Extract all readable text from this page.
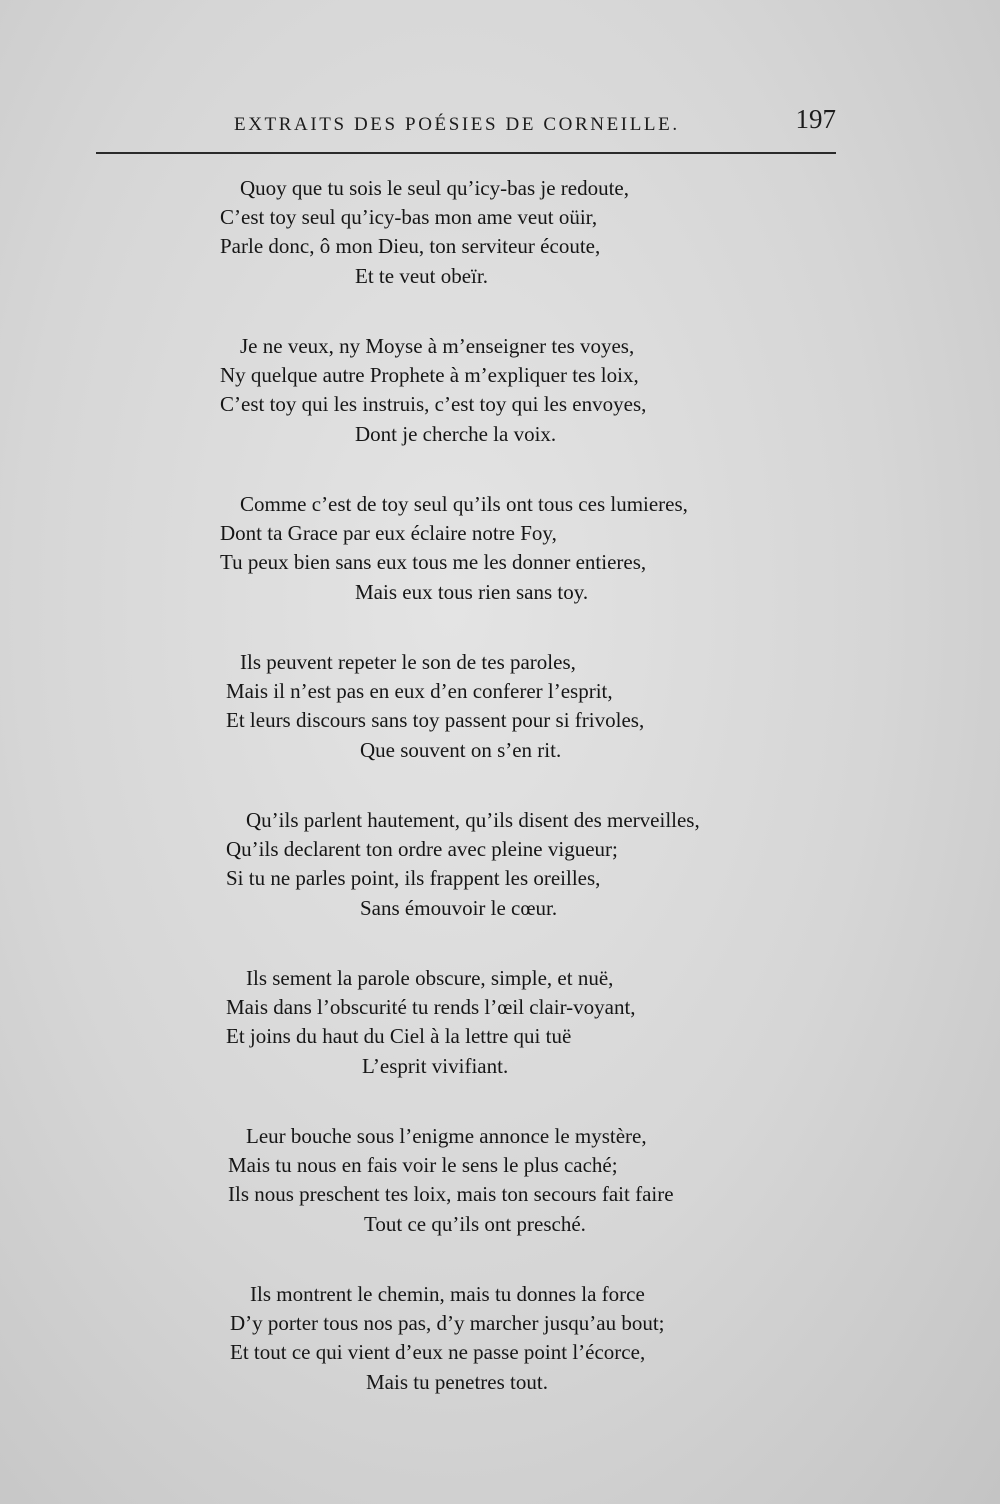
EXTRAITS DES POÉSIES DE CORNEILLE.	197
Quoy que tu sois le seul qu’icy-bas je redoute,
C’est toy seul qu’icy-bas mon ame veut oüir,
Parle donc, ô mon Dieu, ton serviteur écoute,
Et te veut obeïr.
Je ne veux, ny Moyse à m’enseigner tes voyes,
Ny quelque autre Prophete à m’expliquer tes loix,
C’est toy qui les instruis, c’est toy qui les envoyes,
Dont je cherche la voix.
Comme c’est de toy seul qu’ils ont tous ces lumieres,
Dont ta Grace par eux éclaire notre Foy,
Tu peux bien sans eux tous me les donner entieres,
Mais eux tous rien sans toy.
Ils peuvent repeter le son de tes paroles,
Mais il n’est pas en eux d’en conferer l’esprit,
Et leurs discours sans toy passent pour si frivoles,
Que souvent on s’en rit.
Qu’ils parlent hautement, qu’ils disent des merveilles,
Qu’ils declarent ton ordre avec pleine vigueur;
Si tu ne parles point, ils frappent les oreilles,
Sans émouvoir le cœur.
Ils sement la parole obscure, simple, et nuë,
Mais dans l’obscurité tu rends l’œil clair-voyant,
Et joins du haut du Ciel à la lettre qui tuë
L’esprit vivifiant.
Leur bouche sous l’enigme annonce le mystère,
Mais tu nous en fais voir le sens le plus caché;
Ils nous preschent tes loix, mais ton secours fait faire
Tout ce qu’ils ont presché.
Ils montrent le chemin, mais tu donnes la force
D’y porter tous nos pas, d’y marcher jusqu’au bout;
Et tout ce qui vient d’eux ne passe point l’écorce,
Mais tu penetres tout.
